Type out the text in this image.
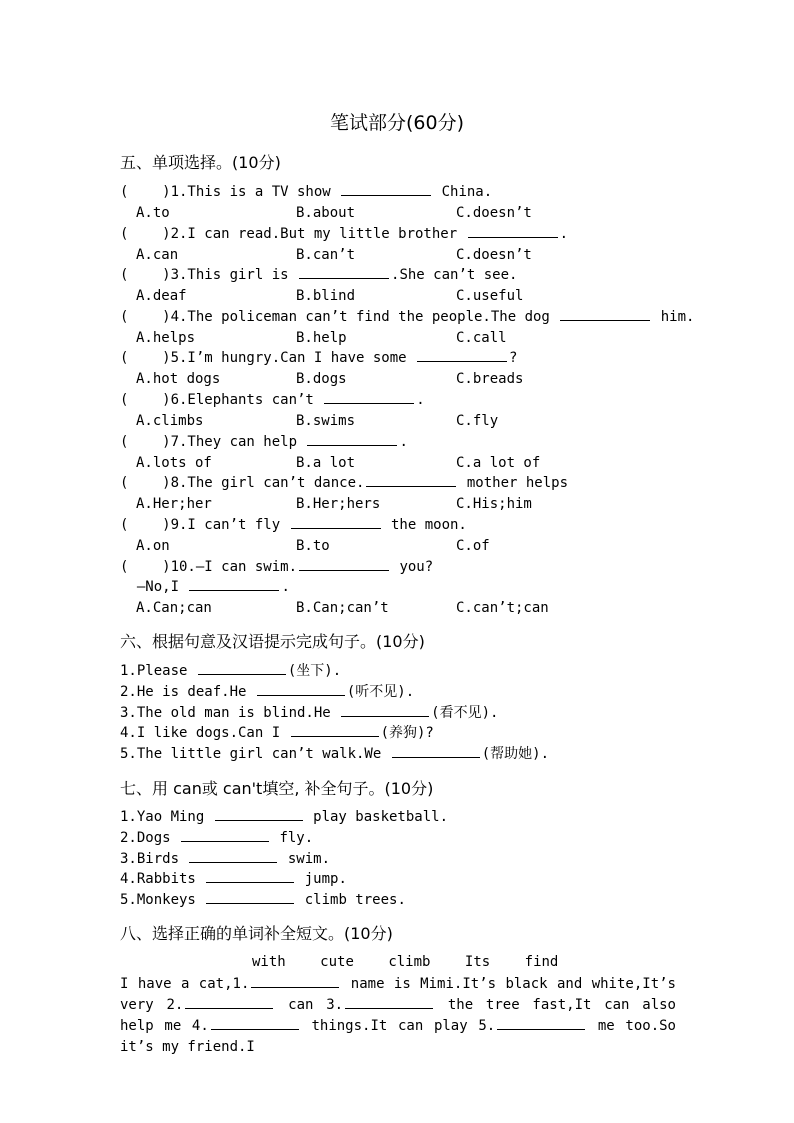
笔试部分(60分)
五、单项选择。(10分)
(    )1.This is a TV show	China.
A.to	B.about	C.doesn’t
(    )2.I can read.But my little brother	.
A.can	B.can’t	C.doesn’t
(    )3.This girl is	.She can’t see.
A.deaf	B.blind	C.useful
(    )4.The policeman can’t find the people.The dog	him.
A.helps	B.help	C.call
(    )5.I’m hungry.Can I have some	?
A.hot dogs	B.dogs	C.breads
(    )6.Elephants can’t	.
A.climbs	B.swims	C.fly
(    )7.They can help	.
A.lots of	B.a lot	C.a lot of
(    )8.The girl can’t dance.	mother helps
A.Her;her	B.Her;hers	C.His;him
(    )9.I can’t fly	the moon.
A.on	B.to	C.of
(    )10.—I can swim.	you?
—No,I	.
A.Can;can	B.Can;can’t	C.can’t;can
六、根据句意及汉语提示完成句子。(10分)
1.Please	(坐下).
2.He is deaf.He	(听不见).
3.The old man is blind.He	(看不见).
4.I like dogs.Can I	(养狗)?
5.The little girl can’t walk.We	(帮助她).
七、用 can或 can't填空, 补全句子。(10分)
1.Yao Ming	play basketball.
2.Dogs	fly.
3.Birds	swim.
4.Rabbits	jump.
5.Monkeys	climb trees.
八、选择正确的单词补全短文。(10分)
with cute climb Its find
I have a cat,1.	name is Mimi.It’s black and white,It’s very 2.	can 3.	the tree fast,It can also help me 4.	things.It can play 5.	me too.So it’s my friend.I
